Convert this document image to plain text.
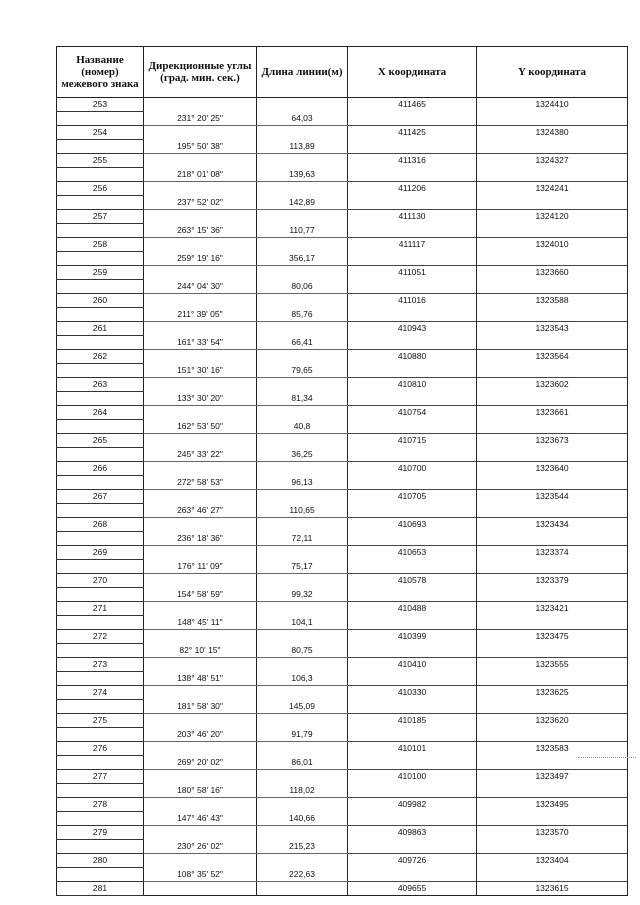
Название
(номер)
межевого знака	Дирекционные углы
(град. мин. сек.)	Длина линии(м)	Х координата	Y координата
253			411465	1324410
	231° 20' 25"	64,03		
254			411425	1324380
	195° 50' 38"	113,89		
255			411316	1324327
	218° 01' 08"	139,63		
256			411206	1324241
	237° 52' 02"	142,89		
257			411130	1324120
	263° 15' 36"	110,77		
258			411117	1324010
	259° 19' 16"	356,17		
259			411051	1323660
	244° 04' 30"	80,06		
260			411016	1323588
	211° 39' 05"	85,76		
261			410943	1323543
	161° 33' 54"	66,41		
262			410880	1323564
	151° 30' 16"	79,65		
263			410810	1323602
	133° 30' 20"	81,34		
264			410754	1323661
	162° 53' 50"	40,8		
265			410715	1323673
	245° 33' 22"	36,25		
266			410700	1323640
	272° 58' 53"	96,13		
267			410705	1323544
	263° 46' 27"	110,65		
268			410693	1323434
	236° 18' 36"	72,11		
269			410653	1323374
	176° 11' 09"	75,17		
270			410578	1323379
	154° 58' 59"	99,32		
271			410488	1323421
	148° 45' 11"	104,1		
272			410399	1323475
	82° 10' 15"	80,75		
273			410410	1323555
	138° 48' 51"	106,3		
274			410330	1323625
	181° 58' 30"	145,09		
275			410185	1323620
	203° 46' 20"	91,79		
276			410101	1323583
	269° 20' 02"	86,01		
277			410100	1323497
	180° 58' 16"	118,02		
278			409982	1323495
	147° 46' 43"	140,66		
279			409863	1323570
	230° 26' 02"	215,23		
280			409726	1323404
	108° 35' 52"	222,63		
281			409655	1323615
